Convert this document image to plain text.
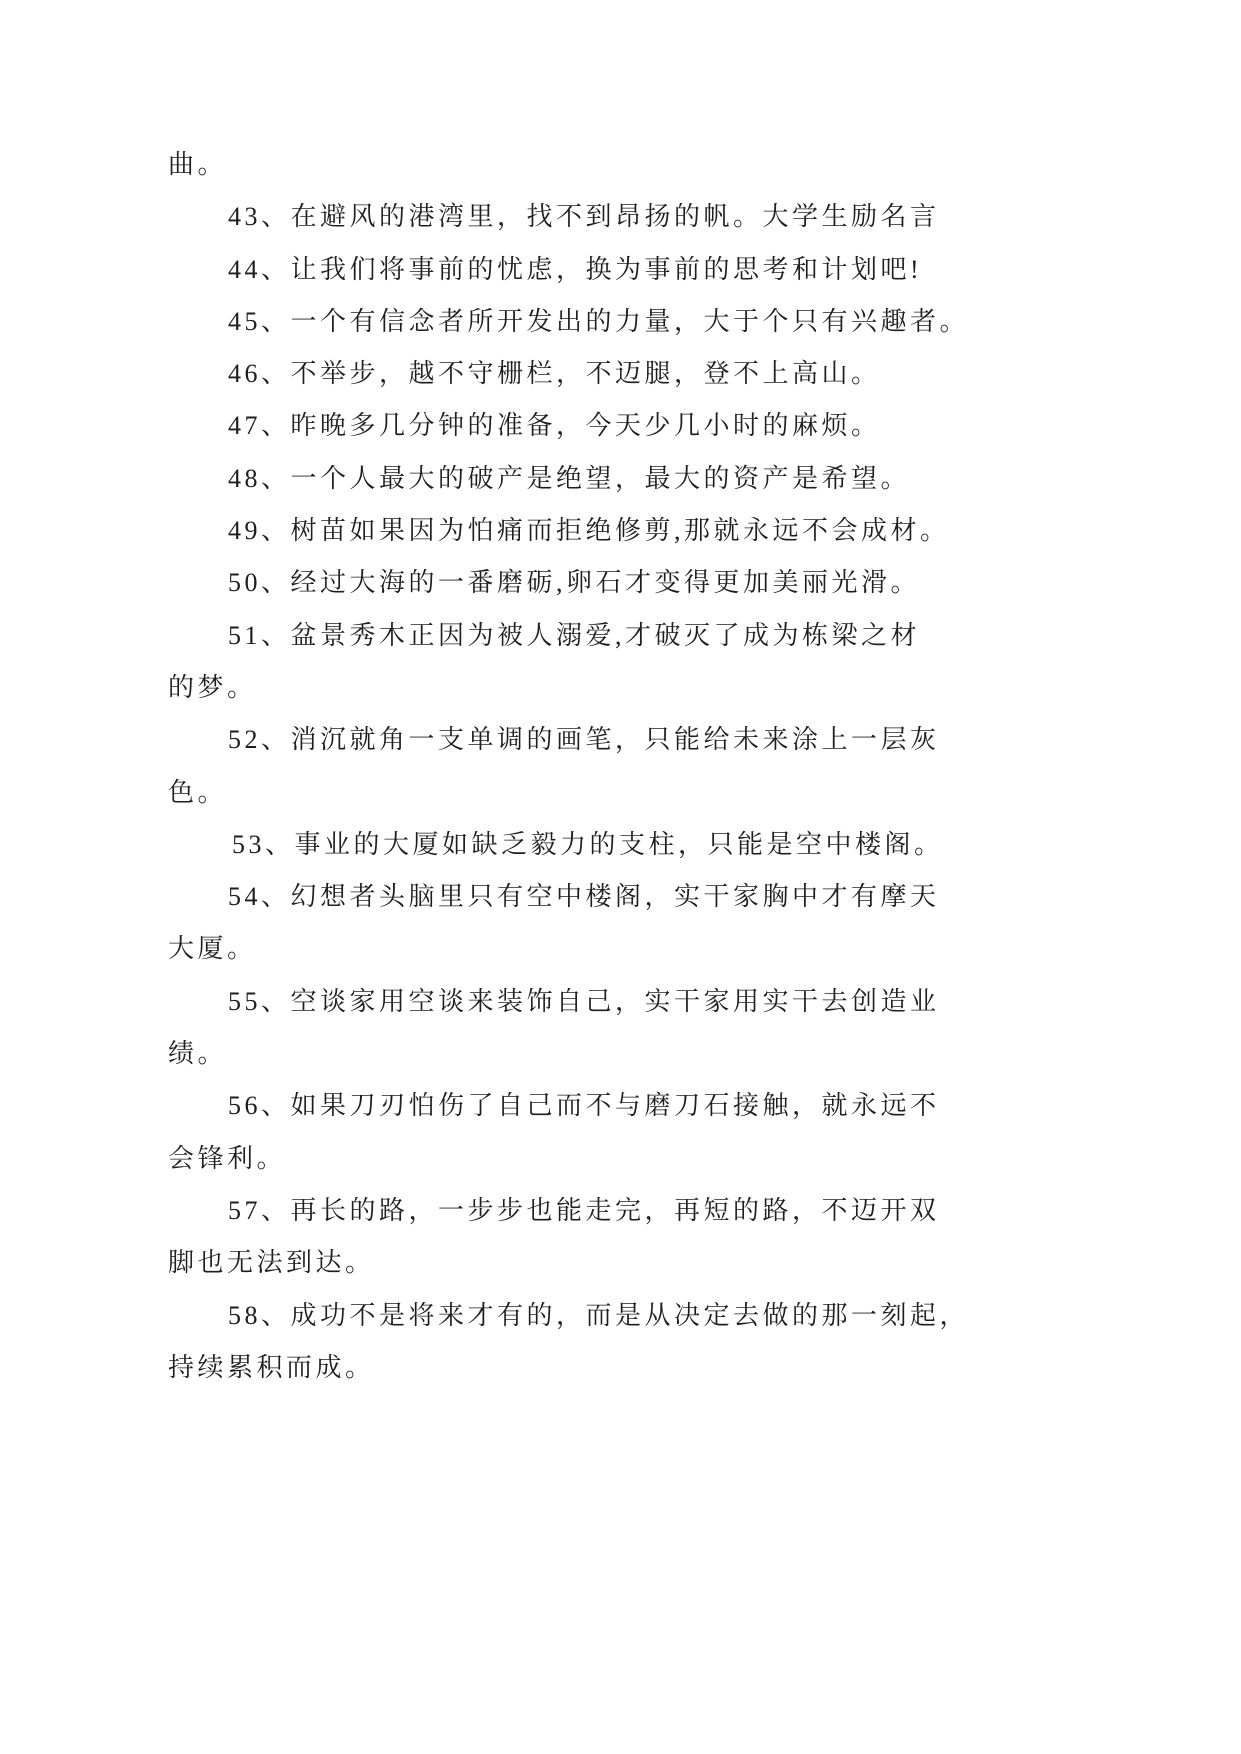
曲。
43、在避风的港湾里，找不到昂扬的帆。大学生励名言
44、让我们将事前的忧虑，换为事前的思考和计划吧!
45、一个有信念者所开发出的力量，大于个只有兴趣者。
46、不举步，越不守栅栏，不迈腿，登不上高山。
47、昨晚多几分钟的准备，今天少几小时的麻烦。
48、一个人最大的破产是绝望，最大的资产是希望。
49、树苗如果因为怕痛而拒绝修剪,那就永远不会成材。
50、经过大海的一番磨砺,卵石才变得更加美丽光滑。
51、盆景秀木正因为被人溺爱,才破灭了成为栋梁之材
的梦。
52、消沉就角一支单调的画笔，只能给未来涂上一层灰
色。
53、事业的大厦如缺乏毅力的支柱，只能是空中楼阁。
54、幻想者头脑里只有空中楼阁，实干家胸中才有摩天
大厦。
55、空谈家用空谈来装饰自己，实干家用实干去创造业
绩。
56、如果刀刃怕伤了自己而不与磨刀石接触，就永远不
会锋利。
57、再长的路，一步步也能走完，再短的路，不迈开双
脚也无法到达。
58、成功不是将来才有的，而是从决定去做的那一刻起，
持续累积而成。
